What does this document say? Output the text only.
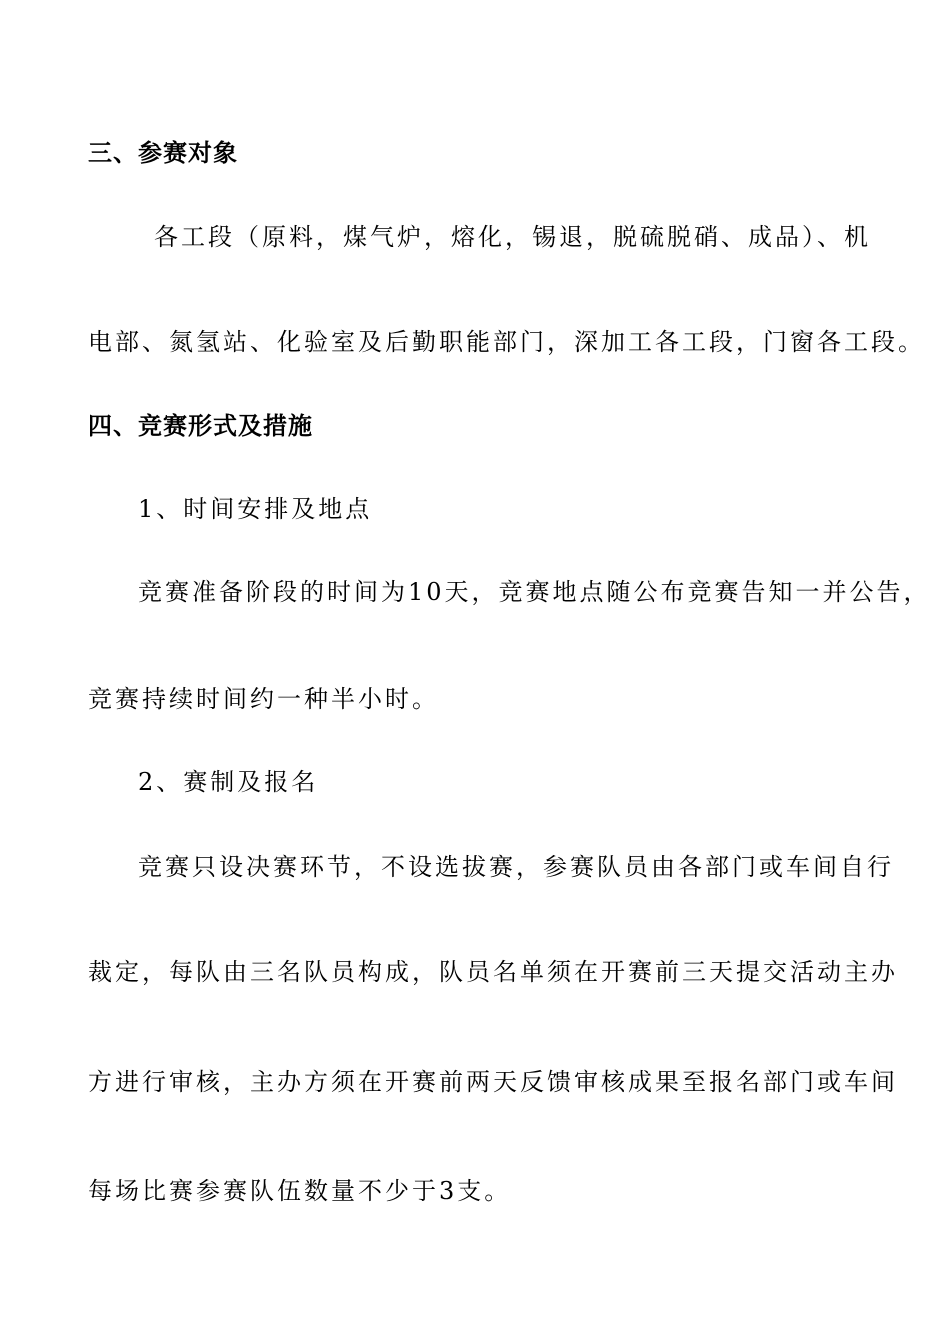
三、参赛对象
各工段（原料，煤气炉，熔化，锡退，脱硫脱硝、成品）、机
电部、氮氢站、化验室及后勤职能部门，深加工各工段，门窗各工段。
四、竞赛形式及措施
1、时间安排及地点
竞赛准备阶段的时间为10天，竞赛地点随公布竞赛告知一并公告，
竞赛持续时间约一种半小时。
2、赛制及报名
竞赛只设决赛环节，不设选拔赛，参赛队员由各部门或车间自行
裁定，每队由三名队员构成，队员名单须在开赛前三天提交活动主办
方进行审核，主办方须在开赛前两天反馈审核成果至报名部门或车间
每场比赛参赛队伍数量不少于3支。
